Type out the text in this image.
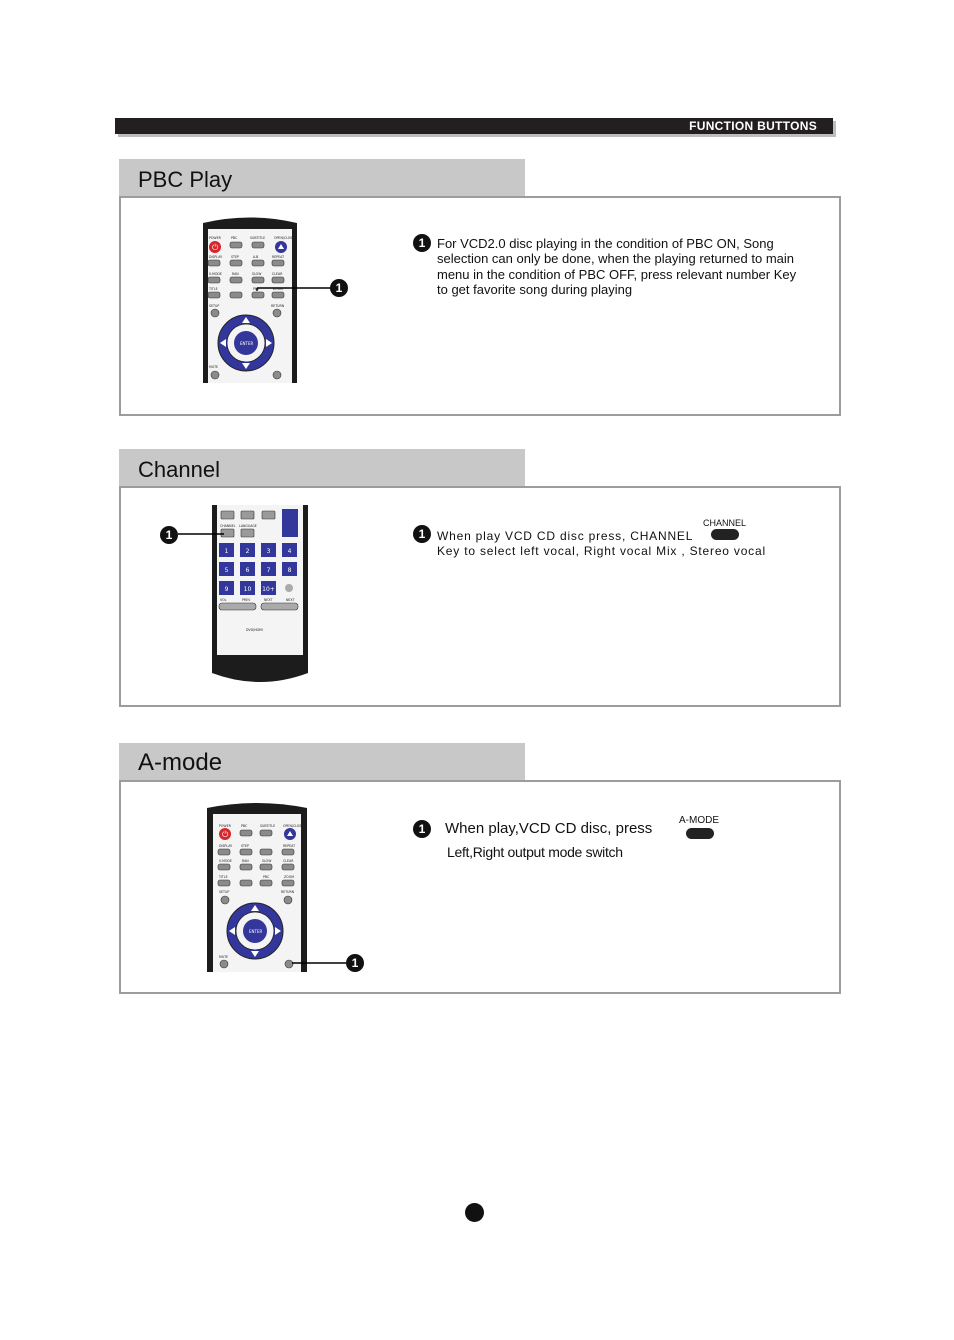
FUNCTION BUTTONS
PBC Play
POWER	PBC	SUBTITLE	OPEN/CLOSE
DISPLAY	STEP	A-B	REPEAT
V-MODE	RAN	SLOW	CLEAR
TITLE	PBC	ZOOM
SETUP	RETURN
MUTE
⏻
ENTER
1
1 For VCD2.0 disc playing in the condition of PBC ON, Song
selection can only be done, when the playing returned to main
menu in the condition of PBC OFF, press relevant number Key
to get favorite song during playing
Channel
CHANNEL LANGUAGE
VOL	PREV	NEXT	NEXT
DVD/HDMI
1	2	3	4
5	6	7	8
9	10 10+
1	1 When play VCD CD disc press, CHANNEL
Key to select left vocal, Right vocal Mix , Stereo vocal
CHANNEL
A-mode
POWER	PBC	SUBTITLE OPEN/CLOSE
DISPLAY	STEP	REPEAT
V-MODE	RAN	SLOW	CLEAR
TITLE	PBC	ZOOM
SETUP	RETURN
MUTE
⏻
ENTER
1
1	When play,VCD CD disc, press
Left,Right output mode switch
A-MODE
